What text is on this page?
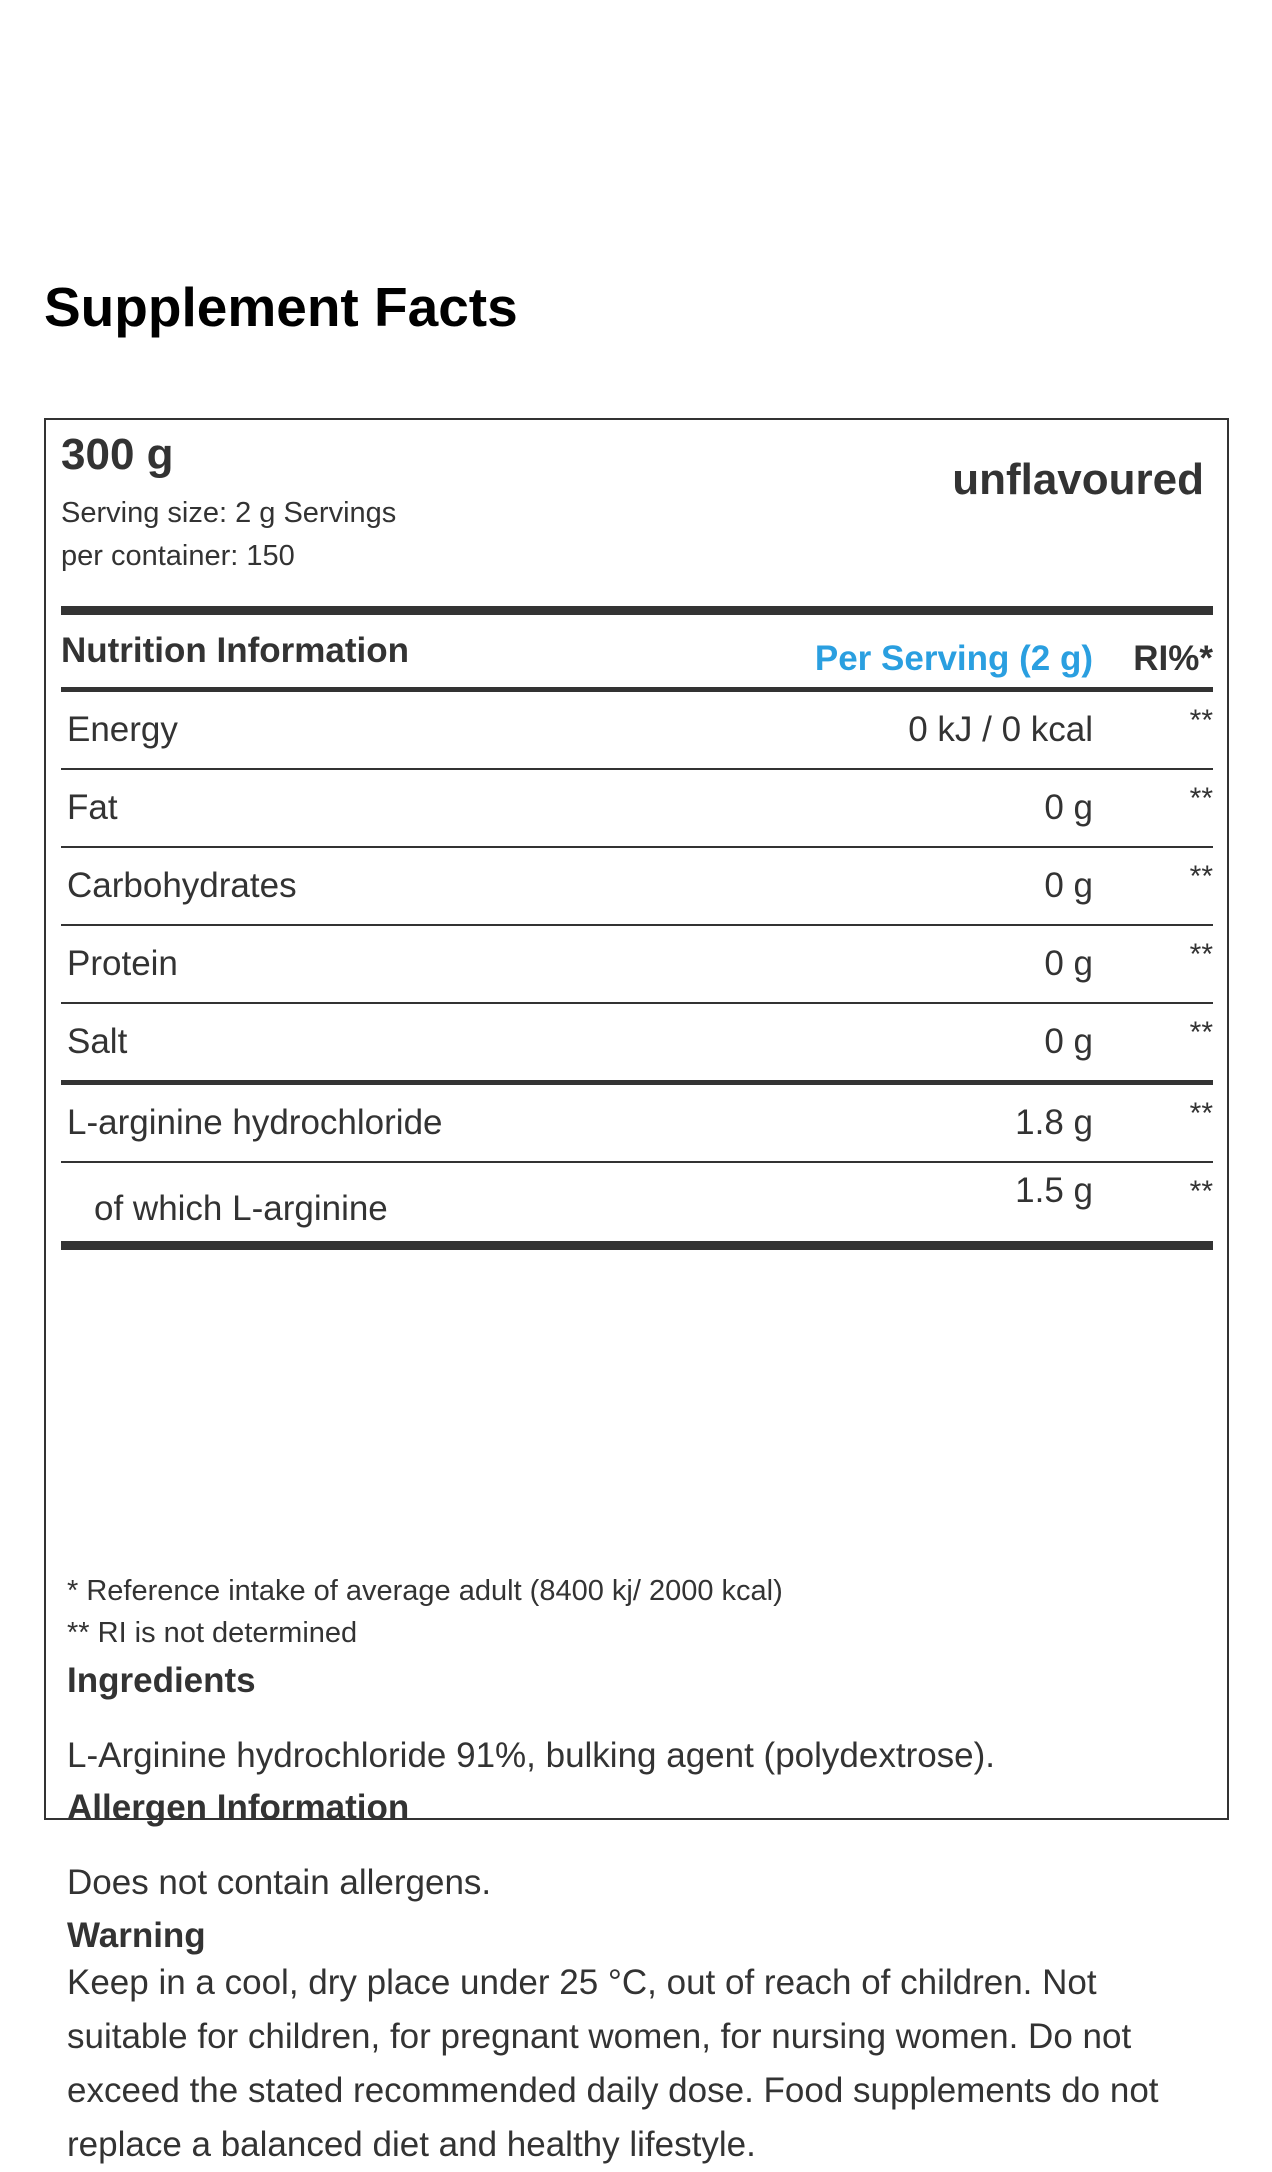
Supplement Facts
300 g
unflavoured
Serving size: 2 g Servings
per container: 150
Nutrition Information	Per Serving (2 g)	RI%*
Energy	0 kJ / 0 kcal	**
Fat	0 g	**
Carbohydrates	0 g	**
Protein	0 g	**
Salt	0 g	**
L-arginine hydrochloride	1.8 g	**
of which L-arginine	1.5 g	**
* Reference intake of average adult (8400 kj/ 2000 kcal)
** RI is not determined
Ingredients
L-Arginine hydrochloride 91%, bulking agent (polydextrose).
Allergen Information
Does not contain allergens.
Warning
Keep in a cool, dry place under 25 °C, out of reach of children. Not suitable for children, for pregnant women, for nursing women. Do not exceed the stated recommended daily dose. Food supplements do not replace a balanced diet and healthy lifestyle.
